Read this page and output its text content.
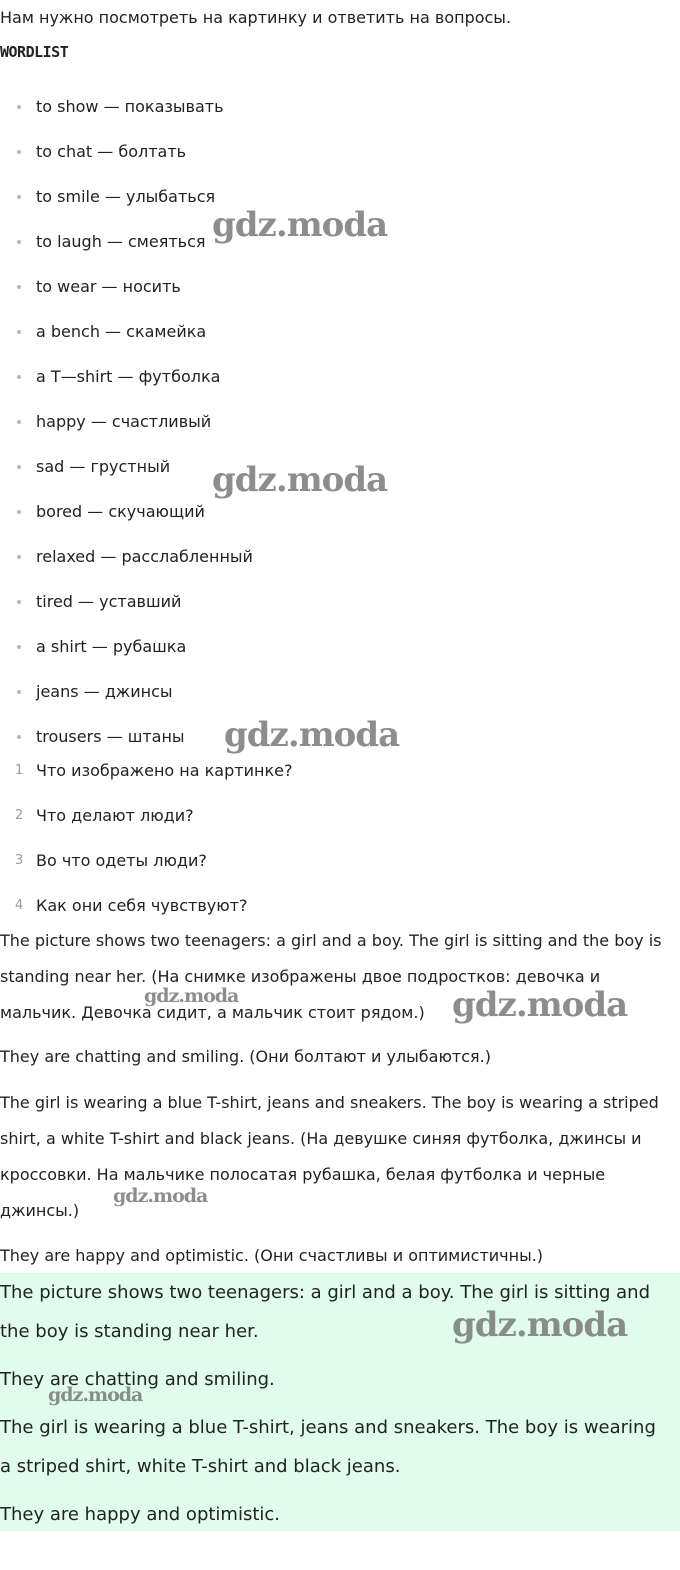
Нам нужно посмотреть на картинку и ответить на вопросы.

WORDLIST

to show — показывать
to chat — болтать
to smile — улыбаться
to laugh — смеяться
to wear — носить
a bench — скамейка
a T—shirt — футболка
happy — счастливый
sad — грустный
bored — скучающий
relaxed — расслабленный
tired — уставший
a shirt — рубашка
jeans — джинсы
trousers — штаны
1 Что изображено на картинке?
2 Что делают люди?
3 Во что одеты люди?
4 Как они себя чувствуют?

The picture shows two teenagers: a girl and a boy. The girl is sitting and the boy is standing near her. (На снимке изображены двое подростков: девочка и мальчик. Девочка сидит, а мальчик стоит рядом.)

They are chatting and smiling. (Они болтают и улыбаются.)

The girl is wearing a blue T-shirt, jeans and sneakers. The boy is wearing a striped shirt, a white T-shirt and black jeans. (На девушке синяя футболка, джинсы и кроссовки. На мальчике полосатая рубашка, белая футболка и черные джинсы.)

They are happy and optimistic. (Они счастливы и оптимистичны.)

The picture shows two teenagers: a girl and a boy. The girl is sitting and the boy is standing near her.

They are chatting and smiling.

The girl is wearing a blue T-shirt, jeans and sneakers. The boy is wearing a striped shirt, white T-shirt and black jeans.

They are happy and optimistic.

gdz.moda
gdz.moda
gdz.moda
gdz.moda	gdz.moda
gdz.moda
gdz.moda
gdz.moda
